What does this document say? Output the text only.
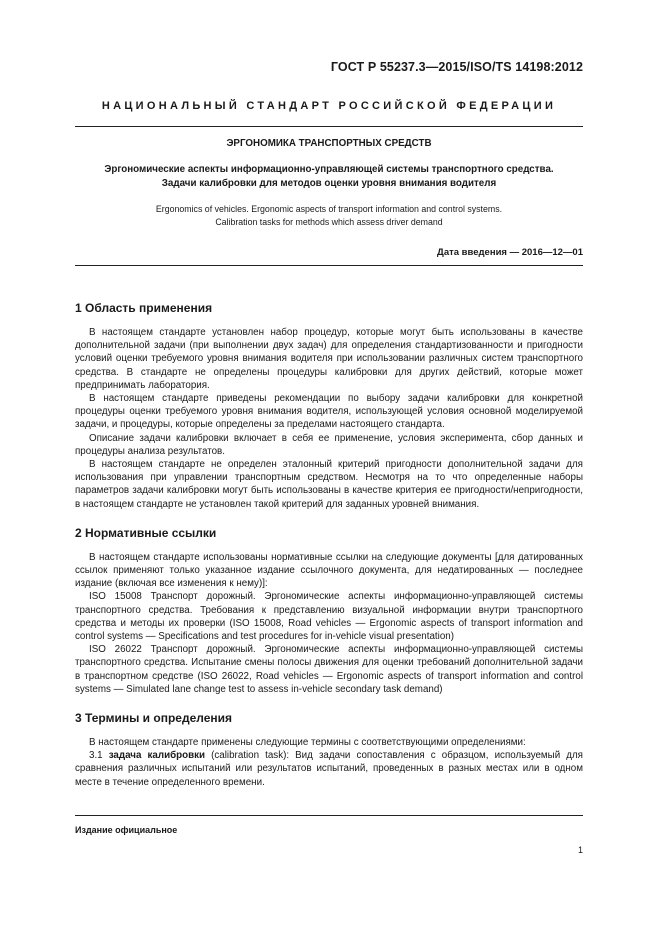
ГОСТ Р 55237.3—2015/ISO/TS 14198:2012
НАЦИОНАЛЬНЫЙ СТАНДАРТ РОССИЙСКОЙ ФЕДЕРАЦИИ
ЭРГОНОМИКА ТРАНСПОРТНЫХ СРЕДСТВ
Эргономические аспекты информационно-управляющей системы транспортного средства.
Задачи калибровки для методов оценки уровня внимания водителя
Ergonomics of vehicles. Ergonomic aspects of transport information and control systems.
Calibration tasks for methods which assess driver demand
Дата введения — 2016—12—01
1 Область применения

В настоящем стандарте установлен набор процедур, которые могут быть использованы в качестве дополнительной задачи (при выполнении двух задач) для определения стандартизованности и пригодности условий оценки требуемого уровня внимания водителя при использовании различных систем транспортного средства. В стандарте не определены процедуры калибровки для других действий, которые может предпринимать лаборатория.

В настоящем стандарте приведены рекомендации по выбору задачи калибровки для конкретной процедуры оценки требуемого уровня внимания водителя, использующей условия основной моделируемой задачи, и процедуры, которые определены за пределами настоящего стандарта.

Описание задачи калибровки включает в себя ее применение, условия эксперимента, сбор данных и процедуры анализа результатов.

В настоящем стандарте не определен эталонный критерий пригодности дополнительной задачи для использования при управлении транспортным средством. Несмотря на то что определенные наборы параметров задачи калибровки могут быть использованы в качестве критерия ее пригодности/непригодности, в настоящем стандарте не установлен такой критерий для заданных уровней внимания.

2 Нормативные ссылки

В настоящем стандарте использованы нормативные ссылки на следующие документы [для датированных ссылок применяют только указанное издание ссылочного документа, для недатированных — последнее издание (включая все изменения к нему)]:

ISO 15008 Транспорт дорожный. Эргономические аспекты информационно-управляющей системы транспортного средства. Требования к представлению визуальной информации внутри транспортного средства и методы их проверки (ISO 15008, Road vehicles — Ergonomic aspects of transport information and control systems — Specifications and test procedures for in-vehicle visual presentation)

ISO 26022 Транспорт дорожный. Эргономические аспекты информационно-управляющей системы транспортного средства. Испытание смены полосы движения для оценки требований дополнительной задачи в транспортном средстве (ISO 26022, Road vehicles — Ergonomic aspects of transport information and control systems — Simulated lane change test to assess in-vehicle secondary task demand)

3 Термины и определения

В настоящем стандарте применены следующие термины с соответствующими определениями:

3.1 задача калибровки (calibration task): Вид задачи сопоставления с образцом, используемый для сравнения различных испытаний или результатов испытаний, проведенных в разных местах или в одном месте в течение определенного времени.

Издание официальное
1
